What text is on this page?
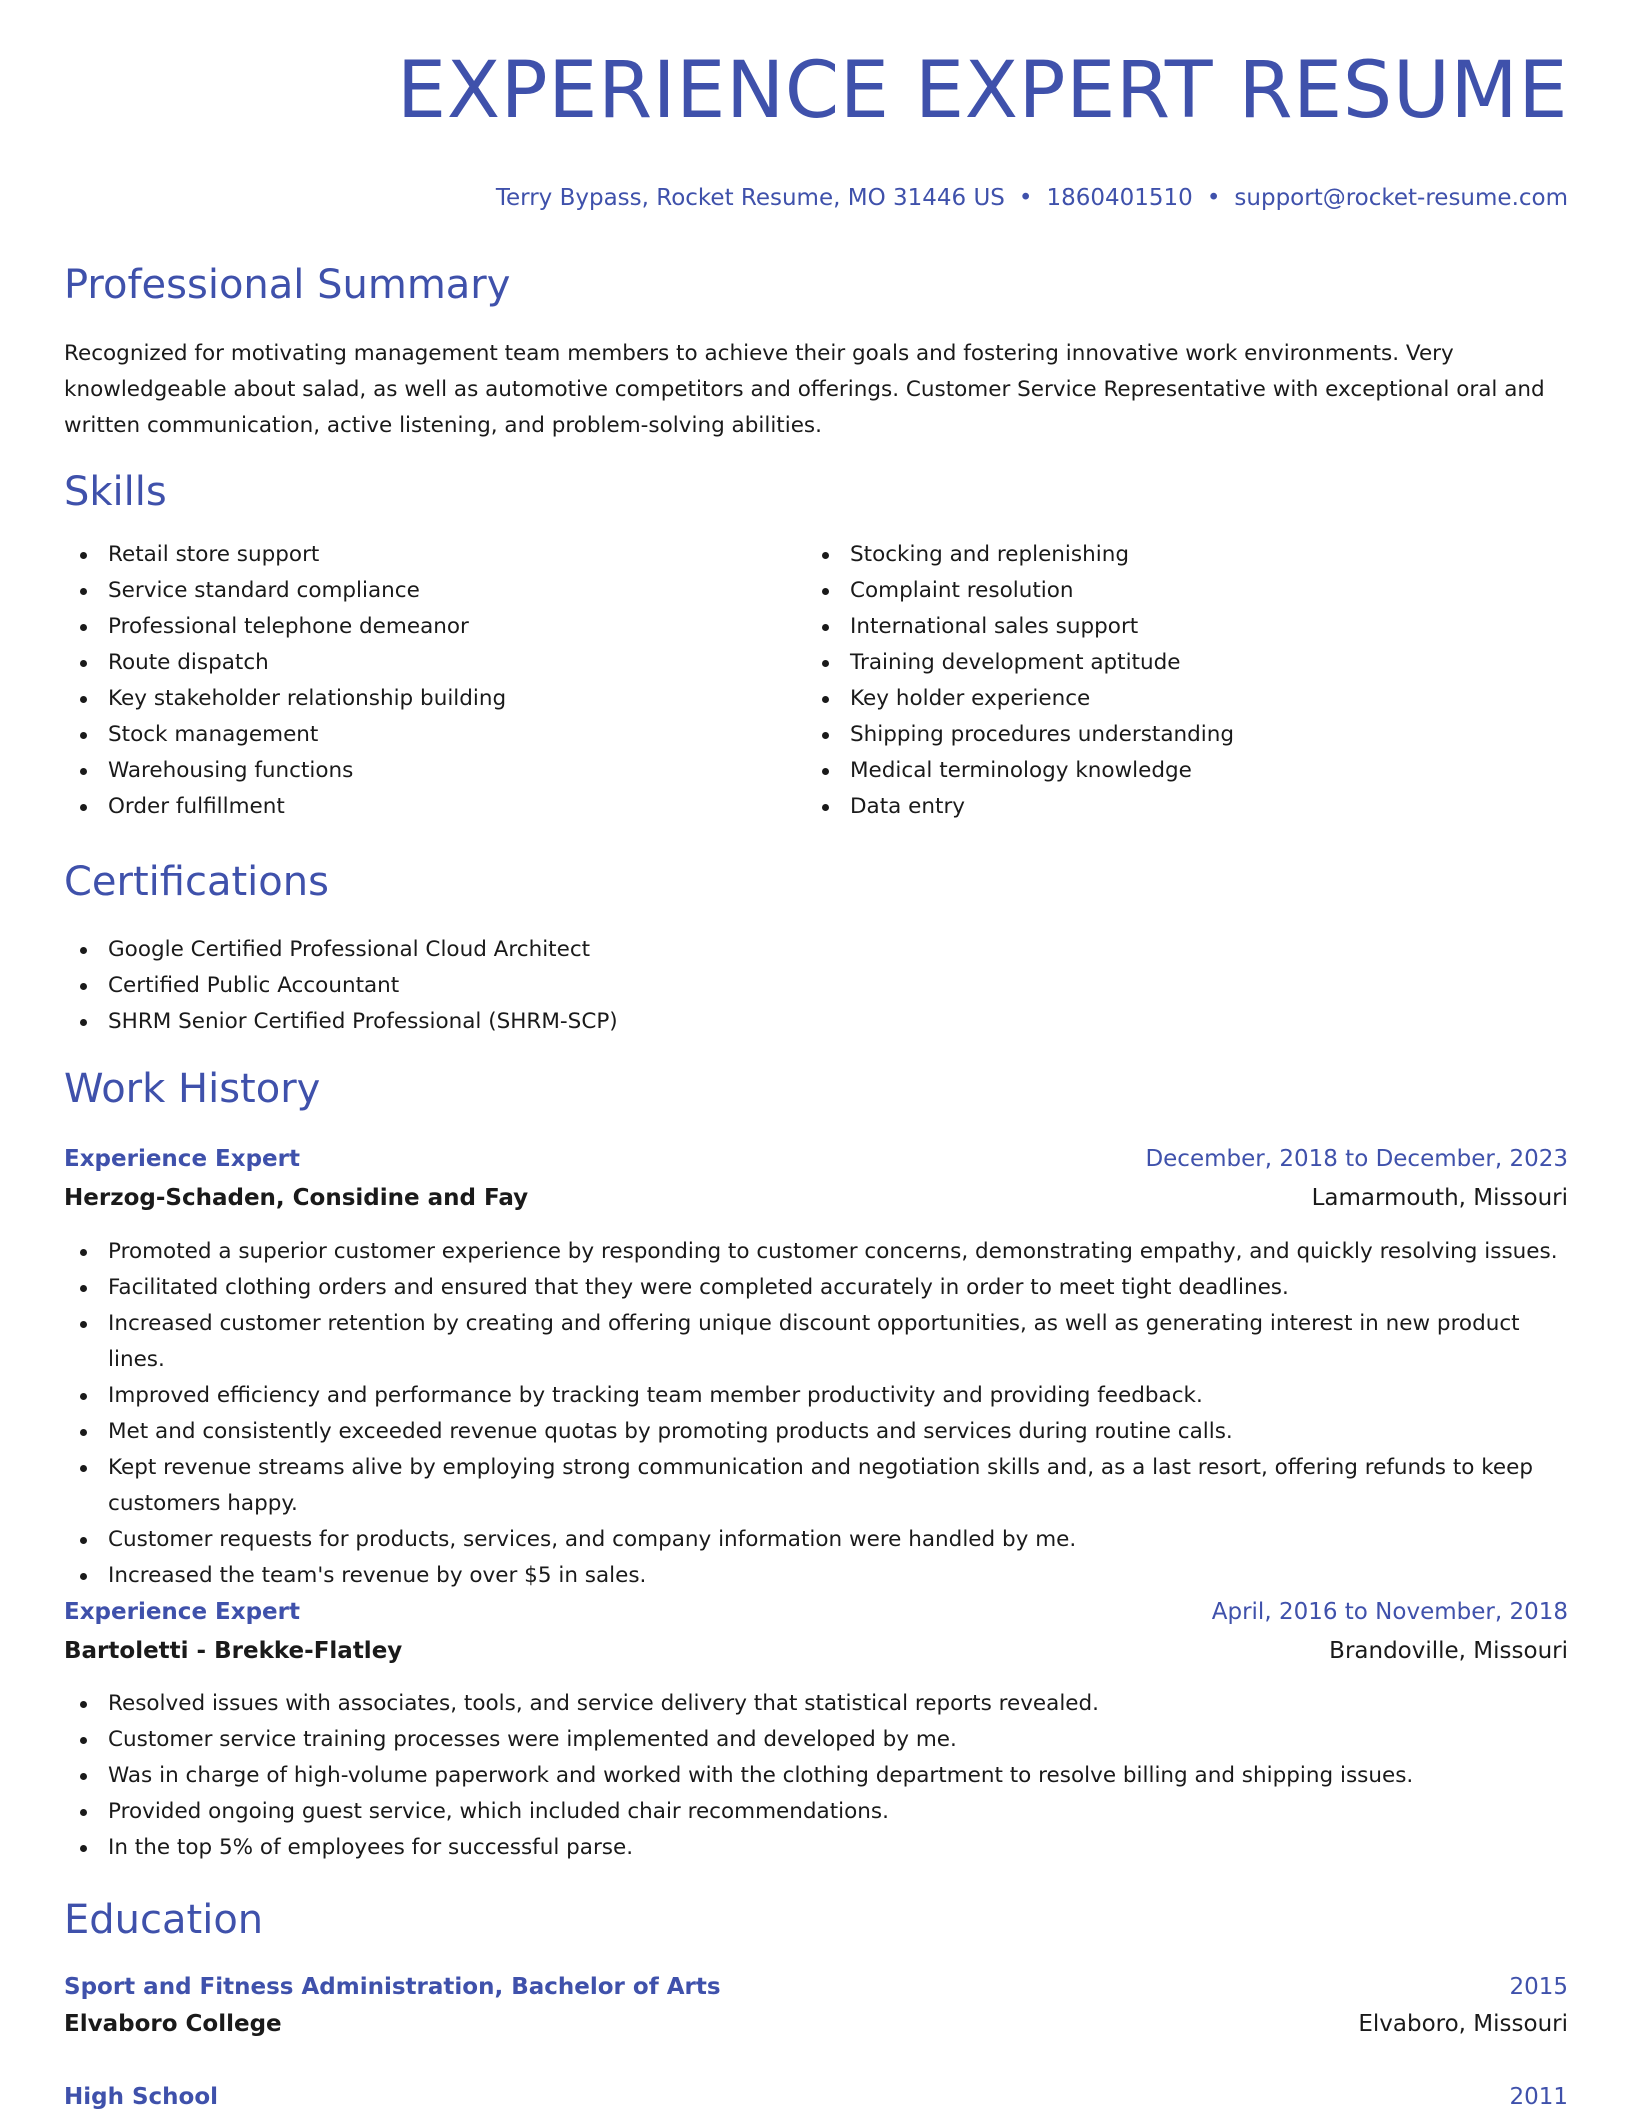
EXPERIENCE EXPERT RESUME
Terry Bypass, Rocket Resume, MO 31446 US • 1860401510 • support@rocket-resume.com
Professional Summary

Recognized for motivating management team members to achieve their goals and fostering innovative work environments. Very knowledgeable about salad, as well as automotive competitors and offerings. Customer Service Representative with exceptional oral and written communication, active listening, and problem-solving abilities.

Skills
Retail store support
Service standard compliance
Professional telephone demeanor
Route dispatch
Key stakeholder relationship building
Stock management
Warehousing functions
Order fulfillment
Stocking and replenishing
Complaint resolution
International sales support
Training development aptitude
Key holder experience
Shipping procedures understanding
Medical terminology knowledge
Data entry
Certifications
Google Certified Professional Cloud Architect
Certified Public Accountant
SHRM Senior Certified Professional (SHRM-SCP)
Work History
Experience Expert	December, 2018 to December, 2023
Herzog-Schaden, Considine and Fay	Lamarmouth, Missouri
Promoted a superior customer experience by responding to customer concerns, demonstrating empathy, and quickly resolving issues.
Facilitated clothing orders and ensured that they were completed accurately in order to meet tight deadlines.
Increased customer retention by creating and offering unique discount opportunities, as well as generating interest in new product lines.
Improved efficiency and performance by tracking team member productivity and providing feedback.
Met and consistently exceeded revenue quotas by promoting products and services during routine calls.
Kept revenue streams alive by employing strong communication and negotiation skills and, as a last resort, offering refunds to keep customers happy.
Customer requests for products, services, and company information were handled by me.
Increased the team's revenue by over $5 in sales.
Experience Expert	April, 2016 to November, 2018
Bartoletti - Brekke-Flatley	Brandoville, Missouri
Resolved issues with associates, tools, and service delivery that statistical reports revealed.
Customer service training processes were implemented and developed by me.
Was in charge of high-volume paperwork and worked with the clothing department to resolve billing and shipping issues.
Provided ongoing guest service, which included chair recommendations.
In the top 5% of employees for successful parse.
Education
Sport and Fitness Administration, Bachelor of Arts	2015
Elvaboro College	Elvaboro, Missouri
High School	2011
